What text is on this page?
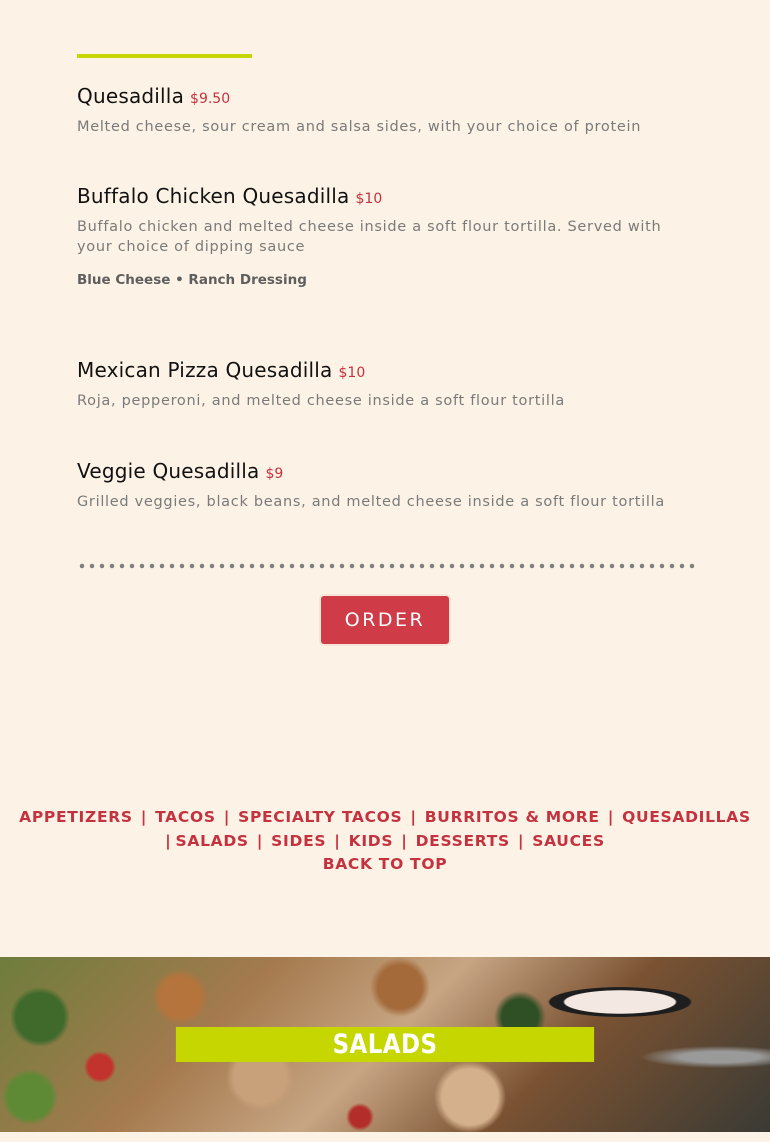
Quesadilla $9.50
Melted cheese, sour cream and salsa sides, with your choice of protein
Buffalo Chicken Quesadilla $10
Buffalo chicken and melted cheese inside a soft flour tortilla. Served with your choice of dipping sauce
Blue Cheese • Ranch Dressing
Mexican Pizza Quesadilla $10
Roja, pepperoni, and melted cheese inside a soft flour tortilla
Veggie Quesadilla $9
Grilled veggies, black beans, and melted cheese inside a soft flour tortilla
ORDER
APPETIZERS | TACOS | SPECIALTY TACOS | BURRITOS & MORE | QUESADILLAS
| SALADS | SIDES | KIDS | DESSERTS | SAUCES
BACK TO TOP
SALADS
